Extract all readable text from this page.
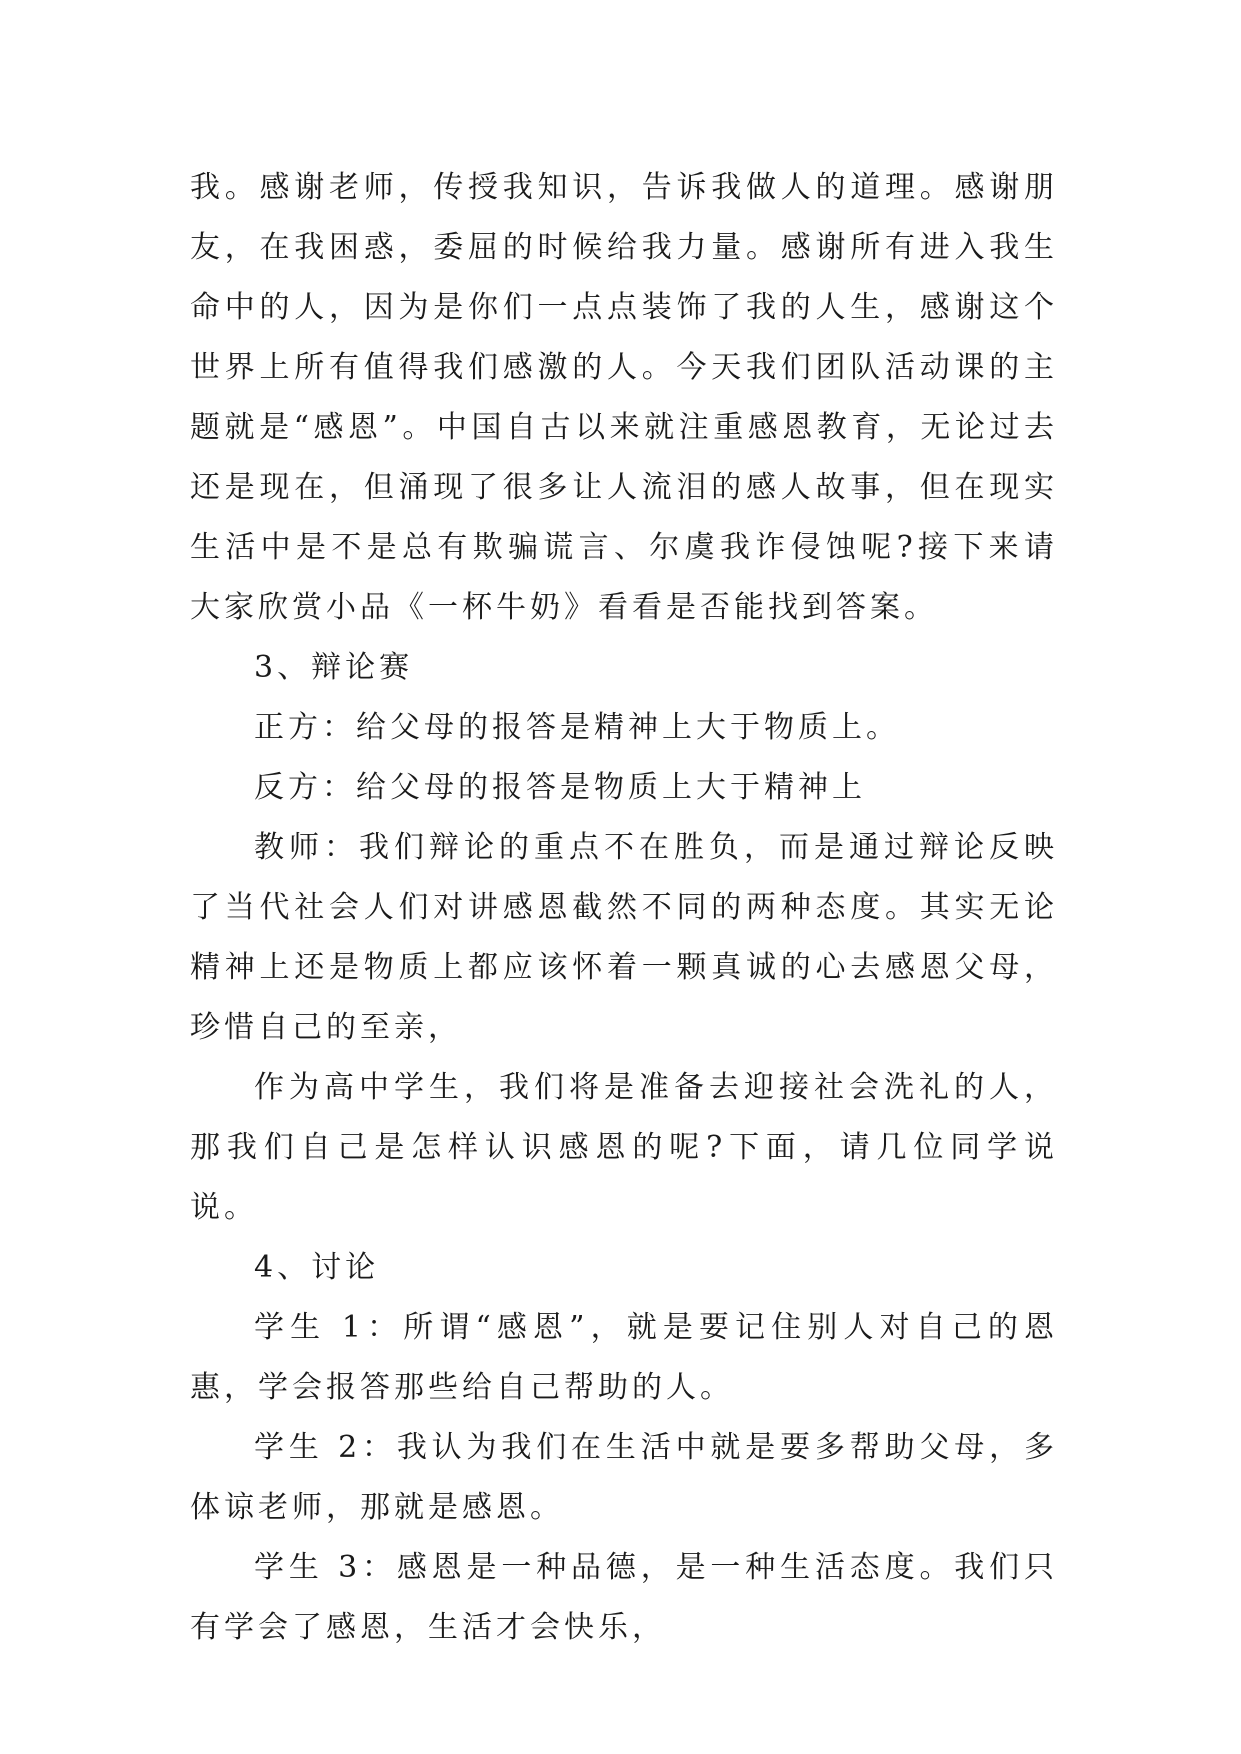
我。感谢老师，传授我知识，告诉我做人的道理。感谢朋友，在我困惑，委屈的时候给我力量。感谢所有进入我生命中的人，因为是你们一点点装饰了我的人生，感谢这个世界上所有值得我们感激的人。今天我们团队活动课的主题就是“感恩”。中国自古以来就注重感恩教育，无论过去还是现在，但涌现了很多让人流泪的感人故事，但在现实生活中是不是总有欺骗谎言、尔虞我诈侵蚀呢?接下来请大家欣赏小品《一杯牛奶》看看是否能找到答案。

3、辩论赛

正方：给父母的报答是精神上大于物质上。

反方：给父母的报答是物质上大于精神上

教师：我们辩论的重点不在胜负，而是通过辩论反映了当代社会人们对讲感恩截然不同的两种态度。其实无论精神上还是物质上都应该怀着一颗真诚的心去感恩父母，珍惜自己的至亲，

作为高中学生，我们将是准备去迎接社会洗礼的人，那我们自己是怎样认识感恩的呢?下面，请几位同学说说。

4、讨论

学生 1：所谓“感恩”，就是要记住别人对自己的恩惠，学会报答那些给自己帮助的人。

学生 2：我认为我们在生活中就是要多帮助父母，多体谅老师，那就是感恩。

学生 3：感恩是一种品德，是一种生活态度。我们只有学会了感恩，生活才会快乐，
